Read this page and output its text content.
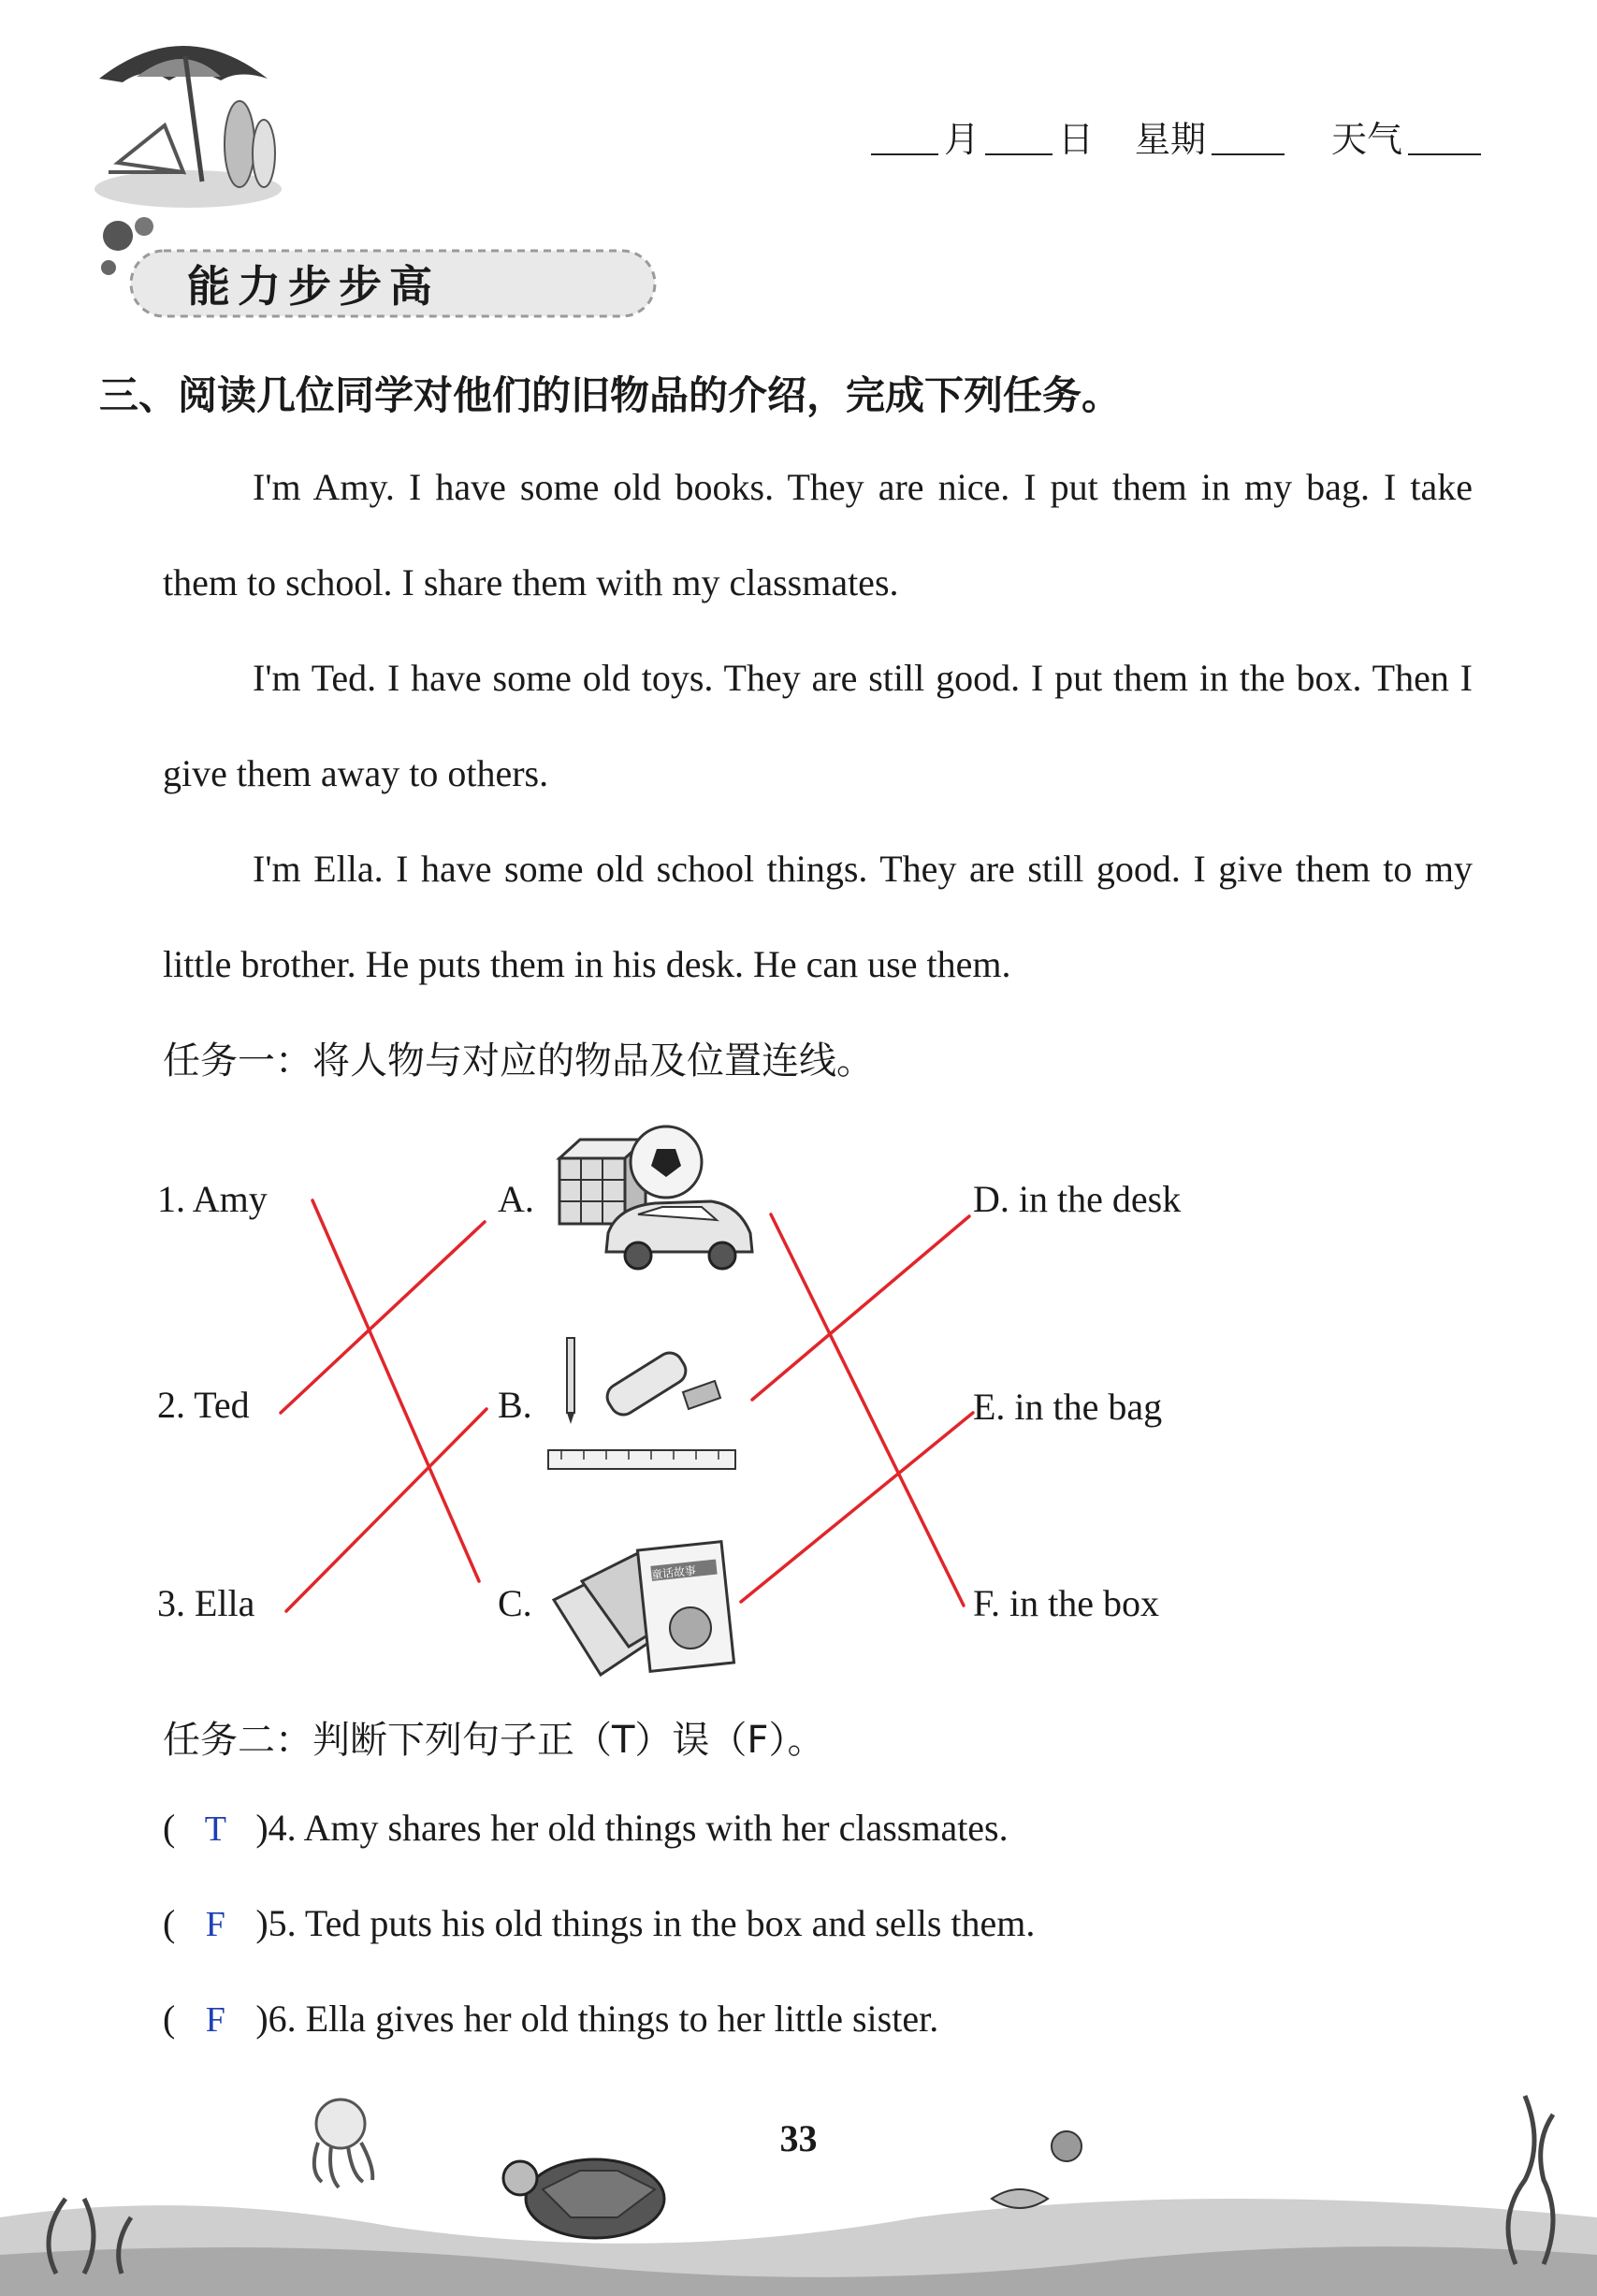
月 日 星期	天气
能力步步高
三、阅读几位同学对他们的旧物品的介绍，完成下列任务。
I'm Amy. I have some old books. They are nice. I put them in my bag. I take them to school. I share them with my classmates.
I'm Ted. I have some old toys. They are still good. I put them in the box. Then I give them away to others.
I'm Ella. I have some old school things. They are still good. I give them to my little brother. He puts them in his desk. He can use them.
任务一：将人物与对应的物品及位置连线。
1. Amy
2. Ted
3. Ella
A.
B.
C.
D. in the desk
E. in the bag
F. in the box
童话故事
任务二：判断下列句子正（T）误（F）。
( T )4. Amy shares her old things with her classmates.
( F )5. Ted puts his old things in the box and sells them.
( F )6. Ella gives her old things to her little sister.
33
